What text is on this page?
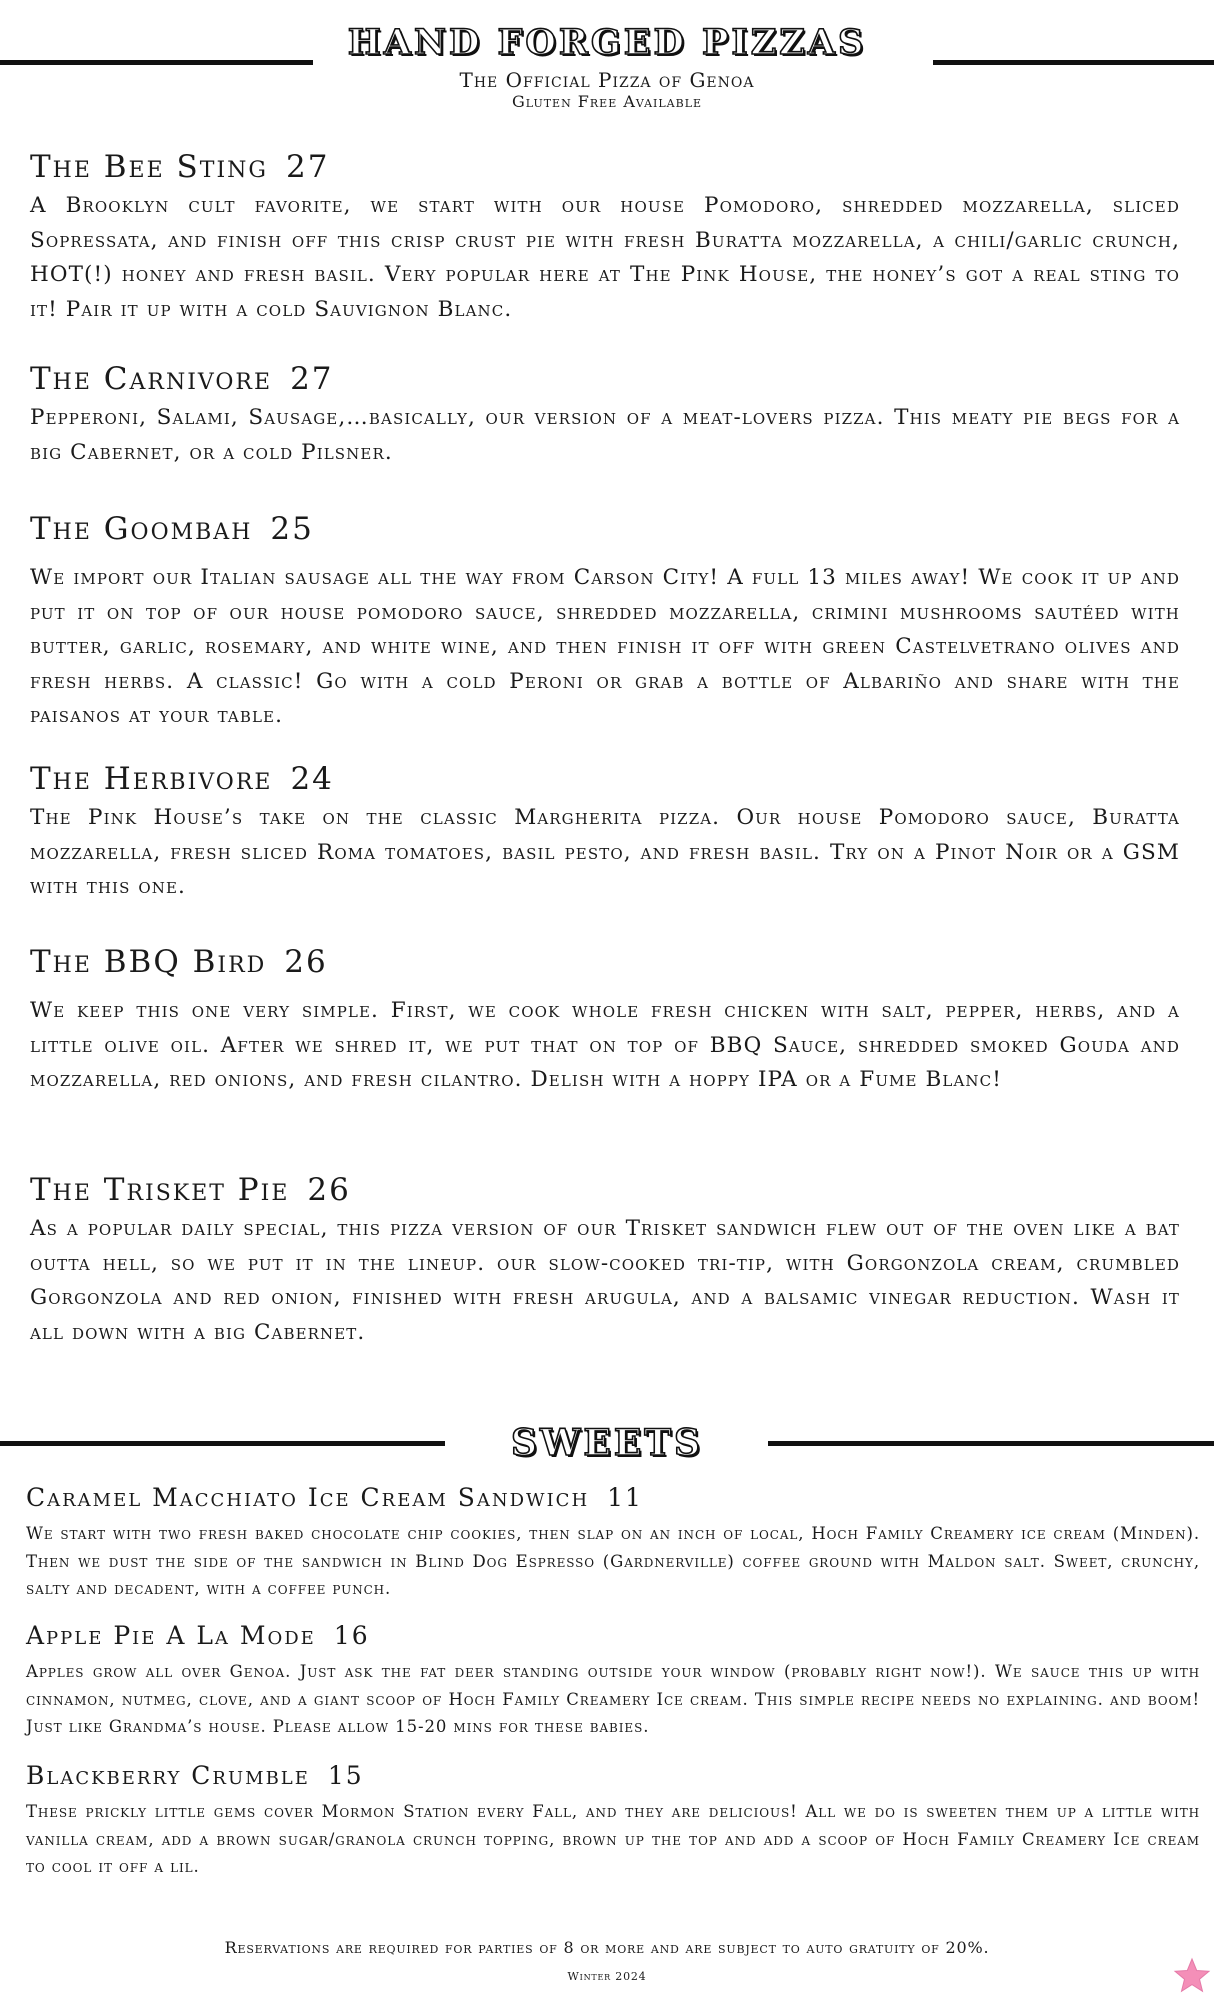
HAND FORGED PIZZAS
The Official Pizza of Genoa
Gluten Free Available
The Bee Sting 27

A Brooklyn cult favorite, we start with our house Pomodoro, shredded mozzarella, sliced Sopressata, and finish off this crisp crust pie with fresh Buratta mozzarella, a chili/garlic crunch, HOT(!) honey and fresh basil. Very popular here at The Pink House, the honey’s got a real sting to it! Pair it up with a cold Sauvignon Blanc.

The Carnivore 27

Pepperoni, Salami, Sausage,…basically, our version of a meat-lovers pizza. This meaty pie begs for a big Cabernet, or a cold Pilsner.

The Goombah 25

We import our Italian sausage all the way from Carson City! A full 13 miles away! We cook it up and put it on top of our house pomodoro sauce, shredded mozzarella, crimini mushrooms sautéed with butter, garlic, rosemary, and white wine, and then finish it off with green Castelvetrano olives and fresh herbs. A classic! Go with a cold Peroni or grab a bottle of Albariño and share with the paisanos at your table.

The Herbivore 24

The Pink House’s take on the classic Margherita pizza. Our house Pomodoro sauce, Buratta mozzarella, fresh sliced Roma tomatoes, basil pesto, and fresh basil. Try on a Pinot Noir or a GSM with this one.

The BBQ Bird 26

We keep this one very simple. First, we cook whole fresh chicken with salt, pepper, herbs, and a little olive oil. After we shred it, we put that on top of BBQ Sauce, shredded smoked Gouda and mozzarella, red onions, and fresh cilantro. Delish with a hoppy IPA or a Fume Blanc!

The Trisket Pie 26

As a popular daily special, this pizza version of our Trisket sandwich flew out of the oven like a bat outta hell, so we put it in the lineup. our slow-cooked tri-tip, with Gorgonzola cream, crumbled Gorgonzola and red onion, finished with fresh arugula, and a balsamic vinegar reduction. Wash it all down with a big Cabernet.

SWEETS
Caramel Macchiato Ice Cream Sandwich 11

We start with two fresh baked chocolate chip cookies, then slap on an inch of local, Hoch Family Creamery ice cream (Minden). Then we dust the side of the sandwich in Blind Dog Espresso (Gardnerville) coffee ground with Maldon salt. Sweet, crunchy, salty and decadent, with a coffee punch.

Apple Pie A La Mode 16

Apples grow all over Genoa. Just ask the fat deer standing outside your window (probably right now!). We sauce this up with cinnamon, nutmeg, clove, and a giant scoop of Hoch Family Creamery Ice cream. This simple recipe needs no explaining. and boom! Just like Grandma’s house. Please allow 15-20 mins for these babies.

Blackberry Crumble 15

These prickly little gems cover Mormon Station every Fall, and they are delicious! All we do is sweeten them up a little with vanilla cream, add a brown sugar/granola crunch topping, brown up the top and add a scoop of Hoch Family Creamery Ice cream to cool it off a lil.

Reservations are required for parties of 8 or more and are subject to auto gratuity of 20%.
Winter 2024
